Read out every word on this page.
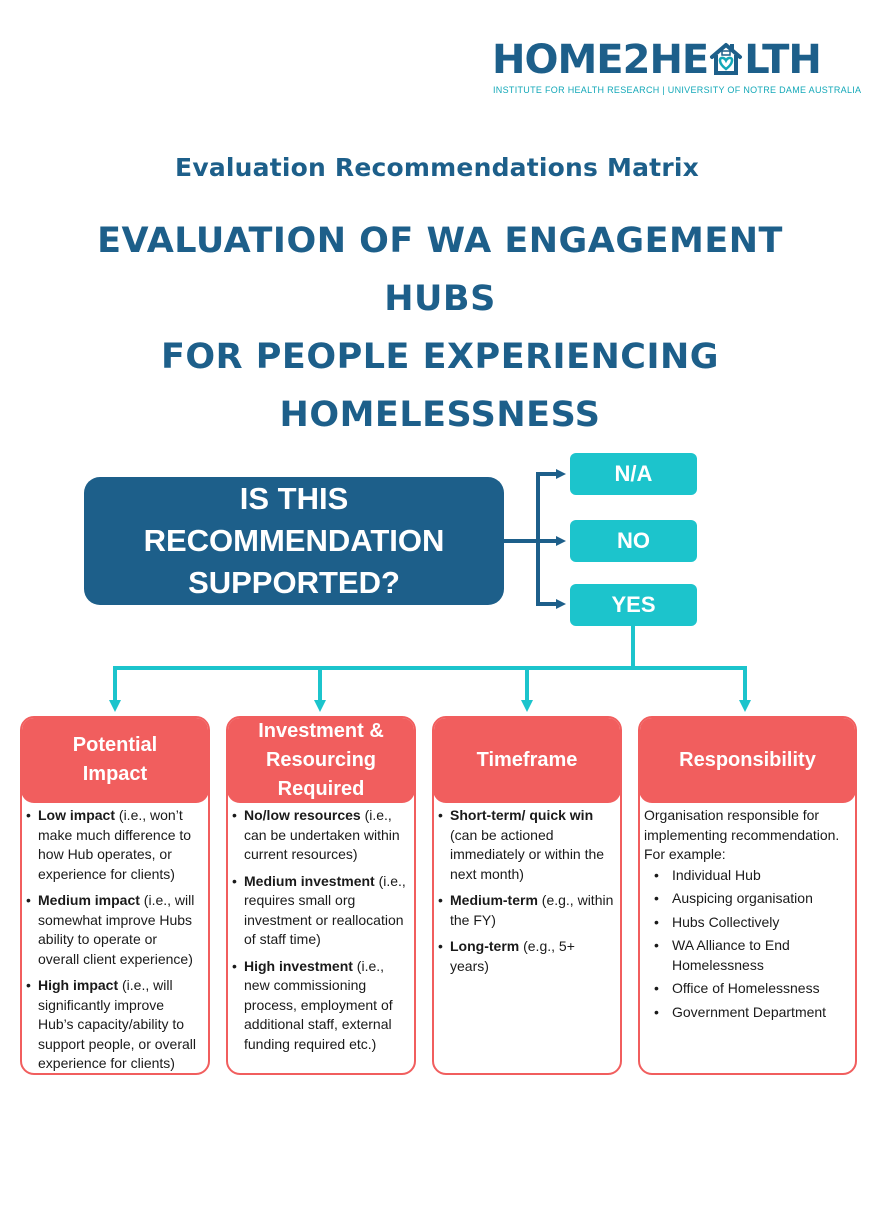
HOME2HE LTH
INSTITUTE FOR HEALTH RESEARCH | UNIVERSITY OF NOTRE DAME AUSTRALIA
Evaluation Recommendations Matrix
EVALUATION OF WA ENGAGEMENT HUBS
FOR PEOPLE EXPERIENCING
HOMELESSNESS
IS THIS
RECOMMENDATION
SUPPORTED?
N/A
NO
YES
Potential
Impact
• Low impact (i.e., won’t make much difference to how Hub operates, or experience for clients)
• Medium impact (i.e., will somewhat improve Hubs ability to operate or overall client experience)
• High impact (i.e., will significantly improve Hub’s capacity/ability to support people, or overall experience for clients)
Investment &
Resourcing
Required
• No/low resources (i.e., can be undertaken within current resources)
• Medium investment (i.e., requires small org investment or reallocation of staff time)
• High investment (i.e., new commissioning process, employment of additional staff, external funding required etc.)
Timeframe
• Short-term/ quick win (can be actioned immediately or within the next month)
• Medium-term (e.g., within the FY)
• Long-term (e.g., 5+ years)
Responsibility
Organisation responsible for implementing recommendation. For example:
• Individual Hub
• Auspicing organisation
• Hubs Collectively
• WA Alliance to End Homelessness
• Office of Homelessness
• Government Department
